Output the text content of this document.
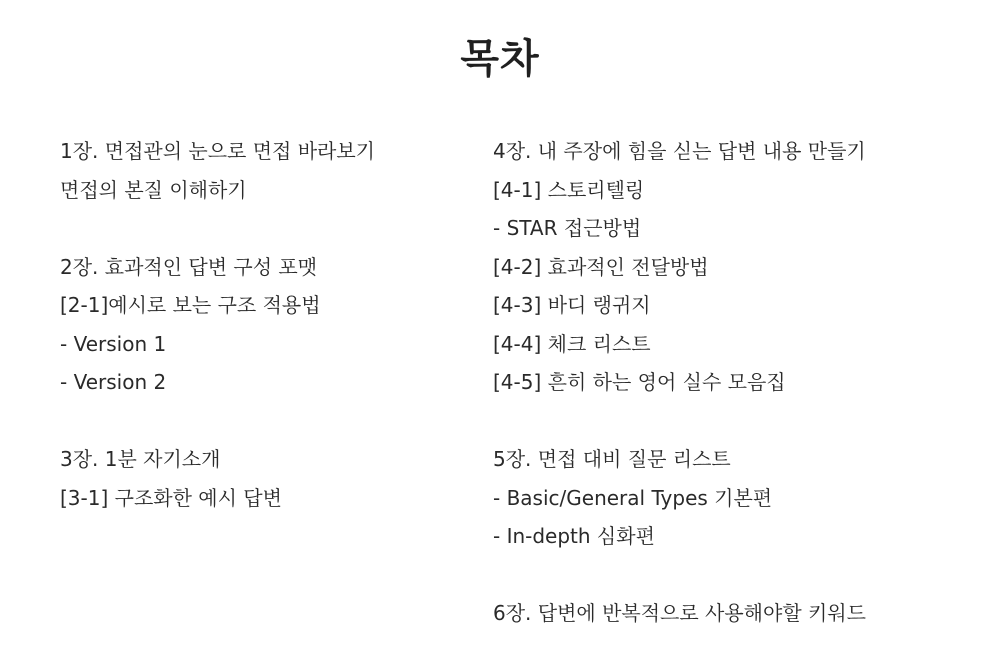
목차
1장. 면접관의 눈으로 면접 바라보기
면접의 본질 이해하기
2장. 효과적인 답변 구성 포맷
[2-1]예시로 보는 구조 적용법
- Version 1
- Version 2
3장. 1분 자기소개
[3-1] 구조화한 예시 답변
4장. 내 주장에 힘을 싣는 답변 내용 만들기
[4-1] 스토리텔링
- STAR 접근방법
[4-2] 효과적인 전달방법
[4-3] 바디 랭귀지
[4-4] 체크 리스트
[4-5] 흔히 하는 영어 실수 모음집
5장. 면접 대비 질문 리스트
- Basic/General Types 기본편
- In-depth 심화편
6장. 답변에 반복적으로 사용해야할 키워드
